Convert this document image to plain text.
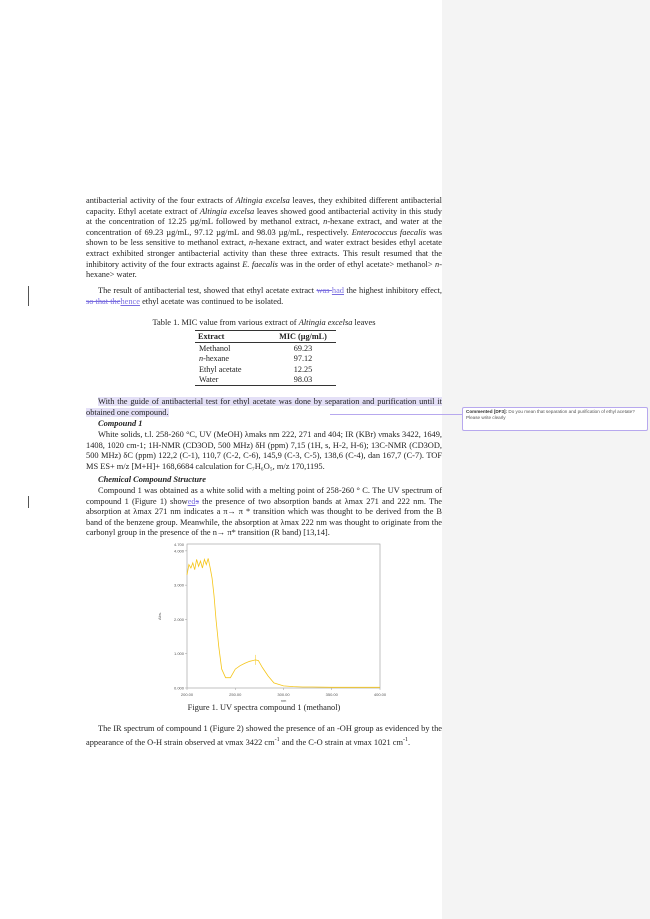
antibacterial activity of the four extracts of Altingia excelsa leaves, they exhibited different antibacterial capacity. Ethyl acetate extract of Altingia excelsa leaves showed good antibacterial activity in this study at the concentration of 12.25 µg/mL followed by methanol extract, n-hexane extract, and water at the concentration of 69.23 µg/mL, 97.12 µg/mL and 98.03 µg/mL, respectively. Enterococcus faecalis was shown to be less sensitive to methanol extract, n-hexane extract, and water extract besides ethyl acetate extract exhibited stronger antibacterial activity than these three extracts. This result resumed that the inhibitory activity of the four extracts against E. faecalis was in the order of ethyl acetate> methanol> n-hexane> water.

The result of antibacterial test, showed that ethyl acetate extract was had the highest inhibitory effect, so that thehence ethyl acetate was continued to be isolated.

Table 1. MIC value from various extract of Altingia excelsa leaves
Extract	MIC (µg/mL)
Methanol	69.23
n-hexane	97.12
Ethyl acetate	12.25
Water	98.03

With the guide of antibacterial test for ethyl acetate was done by separation and purification until it obtained one compound.

Compound 1

White solids, t.l. 258-260 °C, UV (MeOH) λmaks nm 222, 271 and 404; IR (KBr) νmaks 3422, 1649, 1408, 1020 cm-1; 1H-NMR (CD3OD, 500 MHz) δH (ppm) 7,15 (1H, s, H-2, H-6); 13C-NMR (CD3OD, 500 MHz) δC (ppm) 122,2 (C-1), 110,7 (C-2, C-6), 145,9 (C-3, C-5), 138,6 (C-4), dan 167,7 (C-7). TOF MS ES+ m/z [M+H]+ 168,6684 calculation for C₇H₆O₅, m/z 170,1195.

Chemical Compound Structure

Compound 1 was obtained as a white solid with a melting point of 258-260 ° C. The UV spectrum of compound 1 (Figure 1) showeds the presence of two absorption bands at λmax 271 and 222 nm. The absorption at λmax 271 nm indicates a π→ π * transition which was thought to be derived from the B band of the benzene group. Meanwhile, the absorption at λmax 222 nm was thought to originate from the carbonyl group in the presence of the n→ π* transition (R band) [13,14].

200.00	250.00	300.00	350.00	400.00
0.000
1.000
2.000
3.000
4.000
4.700
nm
Abs.
Figure 1. UV spectra compound 1 (methanol)

The IR spectrum of compound 1 (Figure 2) showed the presence of an -OH group as evidenced by the appearance of the O-H strain observed at νmax 3422 $cm^{-1}$ and the C-O strain at νmax 1021 $cm^{-1}$.

Commented [DF3]: Do you mean that separation and purification of ethyl acetate? Please write clearly
